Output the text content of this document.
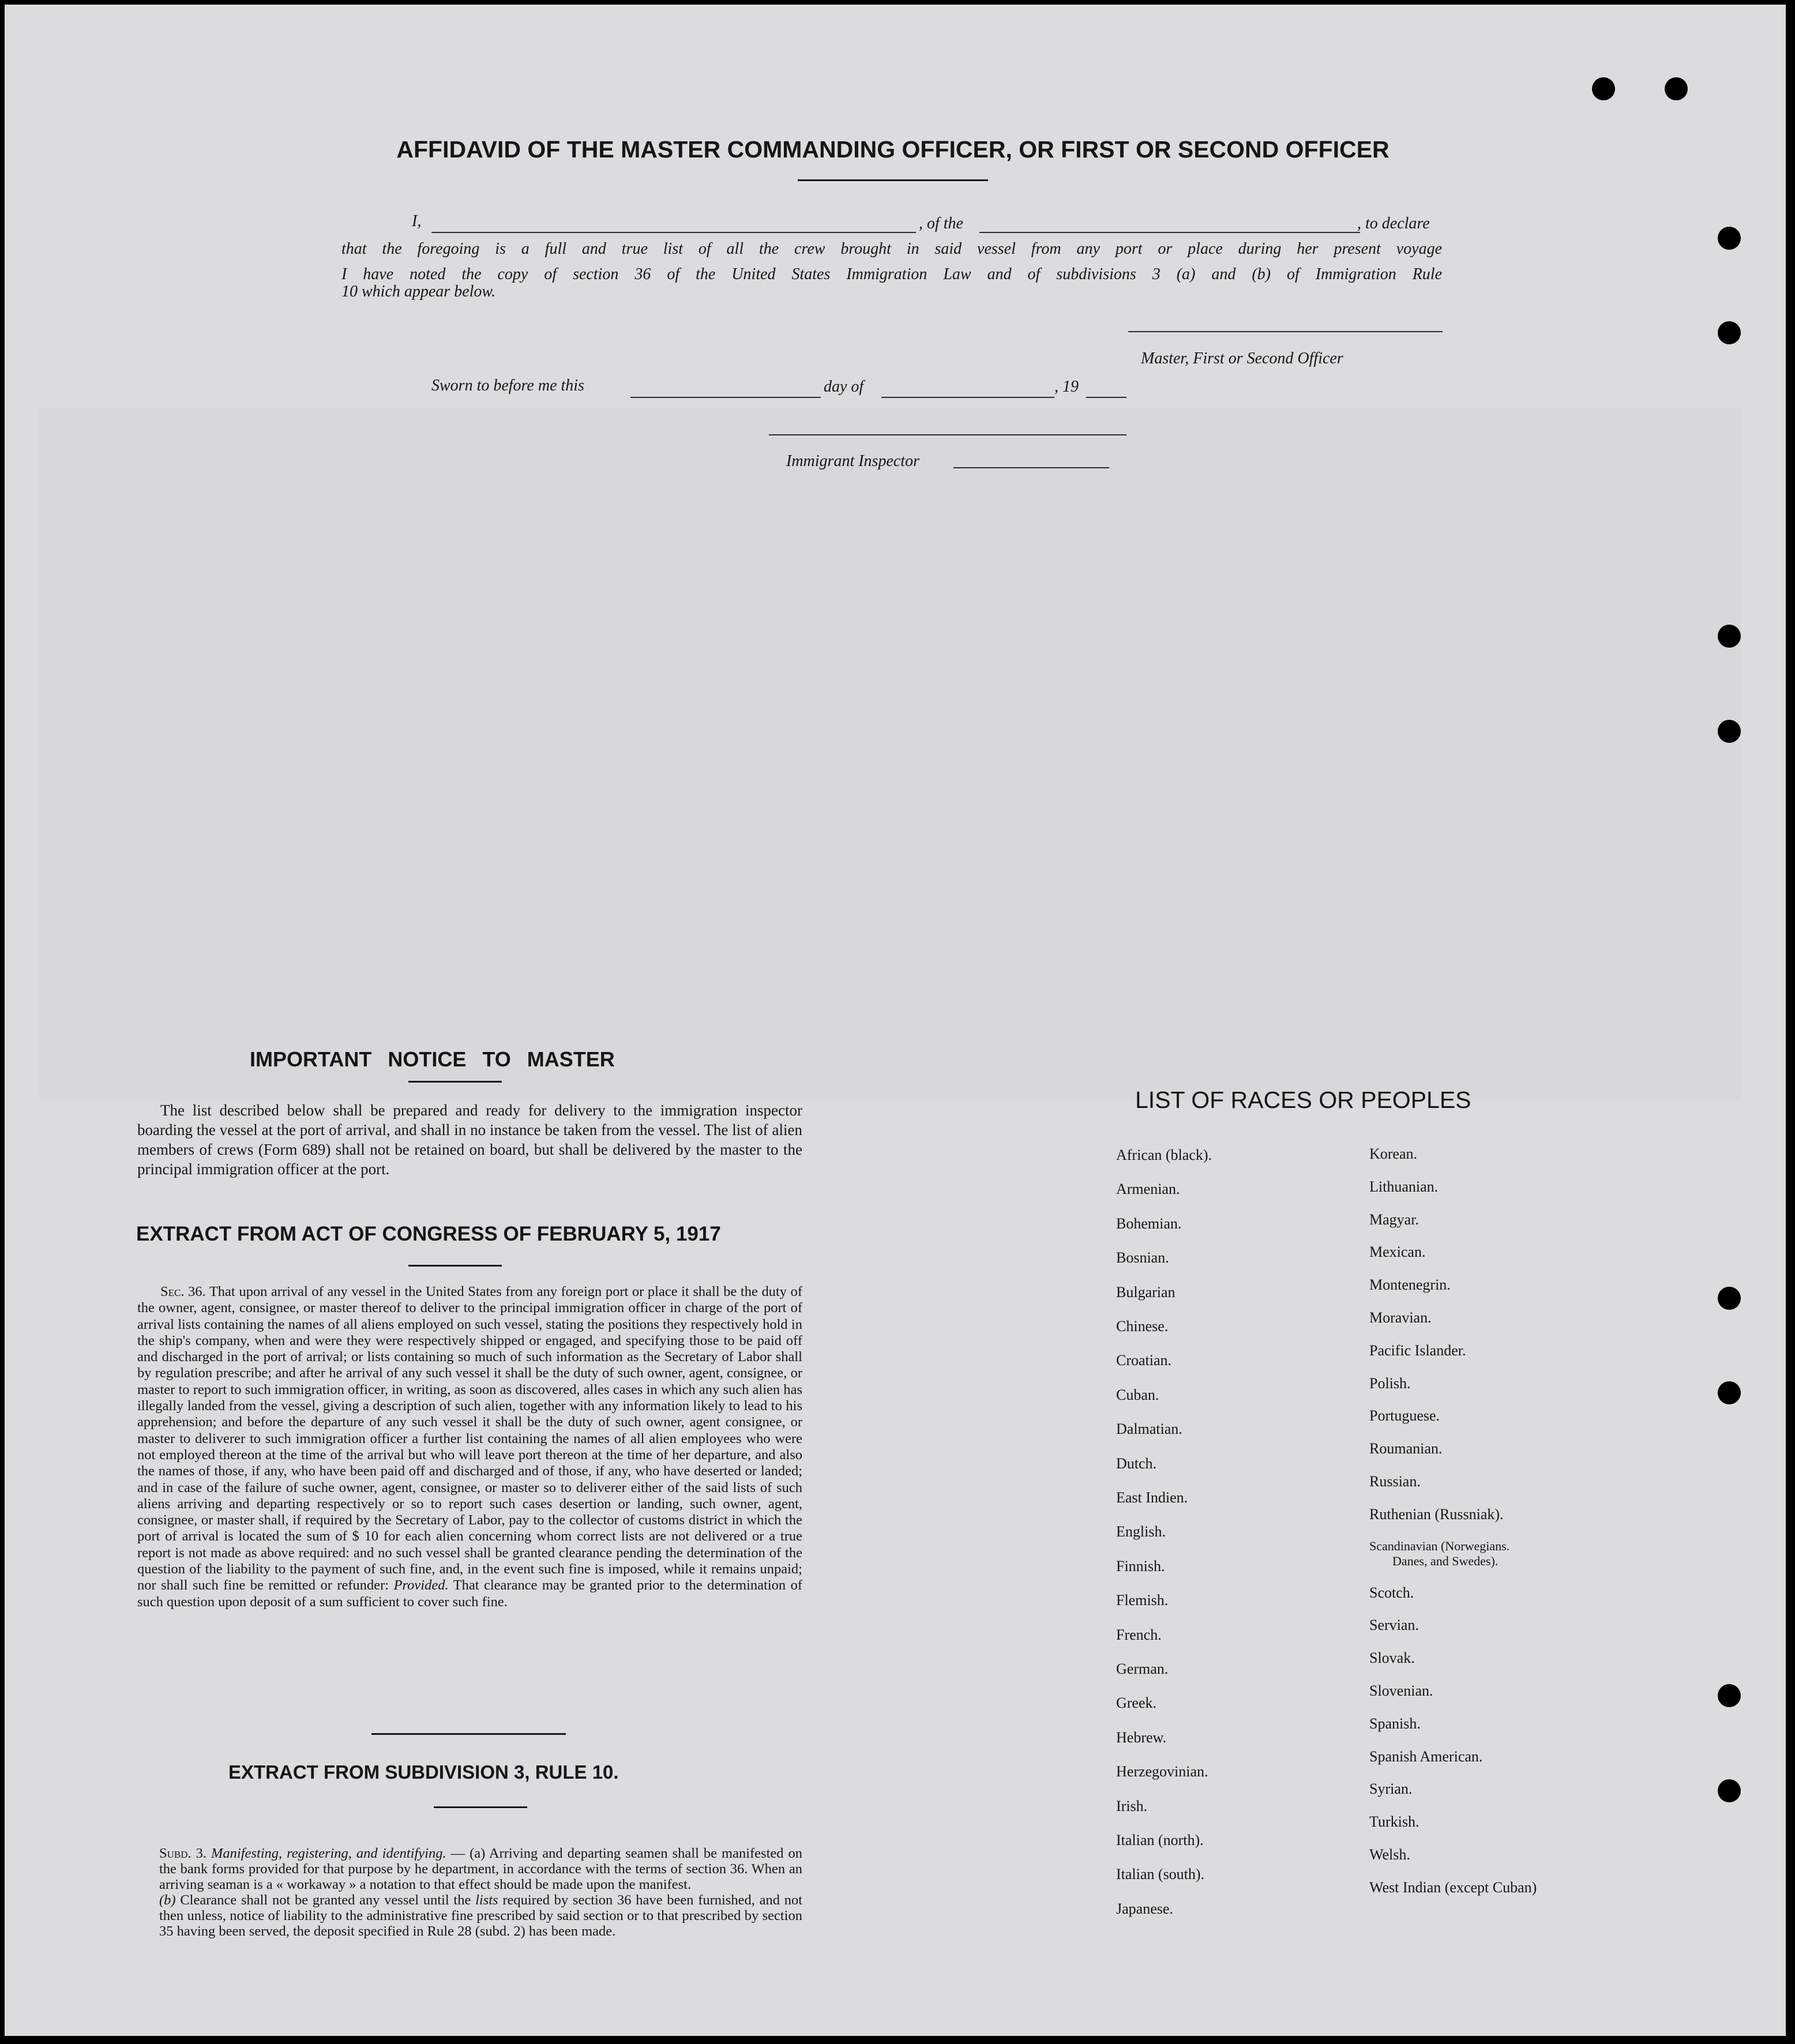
AFFIDAVID OF THE MASTER COMMANDING OFFICER, OR FIRST OR SECOND OFFICER
I,	, of the	, to declare
that the foregoing is a full and true list of all the crew brought in said vessel from any port or place during her present voyage
I have noted the copy of section 36 of the United States Immigration Law and of subdivisions 3 (a) and (b) of Immigration Rule
10 which appear below.
Master, First or Second Officer
Sworn to before me this	day of	, 19
Immigrant Inspector
IMPORTANT NOTICE TO MASTER

The list described below shall be prepared and ready for delivery to the immigration inspector boarding the vessel at the port of arrival, and shall in no instance be taken from the vessel. The list of alien members of crews (Form 689) shall not be retained on board, but shall be delivered by the master to the principal immigration officer at the port.

EXTRACT FROM ACT OF CONGRESS OF FEBRUARY 5, 1917

Sec. 36. That upon arrival of any vessel in the United States from any foreign port or place it shall be the duty of the owner, agent, consignee, or master thereof to deliver to the principal immigration officer in charge of the port of arrival lists containing the names of all aliens employed on such vessel, stating the positions they respectively hold in the ship's company, when and were they were respectively shipped or engaged, and specifying those to be paid off and discharged in the port of arrival; or lists containing so much of such information as the Secretary of Labor shall by regulation prescribe; and after he arrival of any such vessel it shall be the duty of such owner, agent, consignee, or master to report to such immigration officer, in writing, as soon as discovered, alles cases in which any such alien has illegally landed from the vessel, giving a description of such alien, together with any information likely to lead to his apprehension; and before the departure of any such vessel it shall be the duty of such owner, agent consignee, or master to deliverer to such immigration officer a further list containing the names of all alien employees who were not employed thereon at the time of the arrival but who will leave port thereon at the time of her departure, and also the names of those, if any, who have been paid off and discharged and of those, if any, who have deserted or landed; and in case of the failure of suche owner, agent, consignee, or master so to deliverer either of the said lists of such aliens arriving and departing respectively or so to report such cases desertion or landing, such owner, agent, consignee, or master shall, if required by the Secretary of Labor, pay to the collector of customs district in which the port of arrival is located the sum of $ 10 for each alien concerning whom correct lists are not delivered or a true report is not made as above required: and no such vessel shall be granted clearance pending the determination of the question of the liability to the payment of such fine, and, in the event such fine is imposed, while it remains unpaid; nor shall such fine be remitted or refunder: Provided. That clearance may be granted prior to the determination of such question upon deposit of a sum sufficient to cover such fine.

EXTRACT FROM SUBDIVISION 3, RULE 10.

Subd. 3. Manifesting, registering, and identifying. — (a) Arriving and departing seamen shall be manifested on the bank forms provided for that purpose by he department, in accordance with the terms of section 36. When an arriving seaman is a « workaway » a notation to that effect should be made upon the manifest.

(b) Clearance shall not be granted any vessel until the lists required by section 36 have been furnished, and not then unless, notice of liability to the administrative fine prescribed by said section or to that prescribed by section 35 having been served, the deposit specified in Rule 28 (subd. 2) has been made.

LIST OF RACES OR PEOPLES
African (black).
Armenian.
Bohemian.
Bosnian.
Bulgarian
Chinese.
Croatian.
Cuban.
Dalmatian.
Dutch.
East Indien.
English.
Finnish.
Flemish.
French.
German.
Greek.
Hebrew.
Herzegovinian.
Irish.
Italian (north).
Italian (south).
Japanese.
Korean.
Lithuanian.
Magyar.
Mexican.
Montenegrin.
Moravian.
Pacific Islander.
Polish.
Portuguese.
Roumanian.
Russian.
Ruthenian (Russniak).
Scandinavian (Norwegians.
Danes, and Swedes).
Scotch.
Servian.
Slovak.
Slovenian.
Spanish.
Spanish American.
Syrian.
Turkish.
Welsh.
West Indian (except Cuban)
